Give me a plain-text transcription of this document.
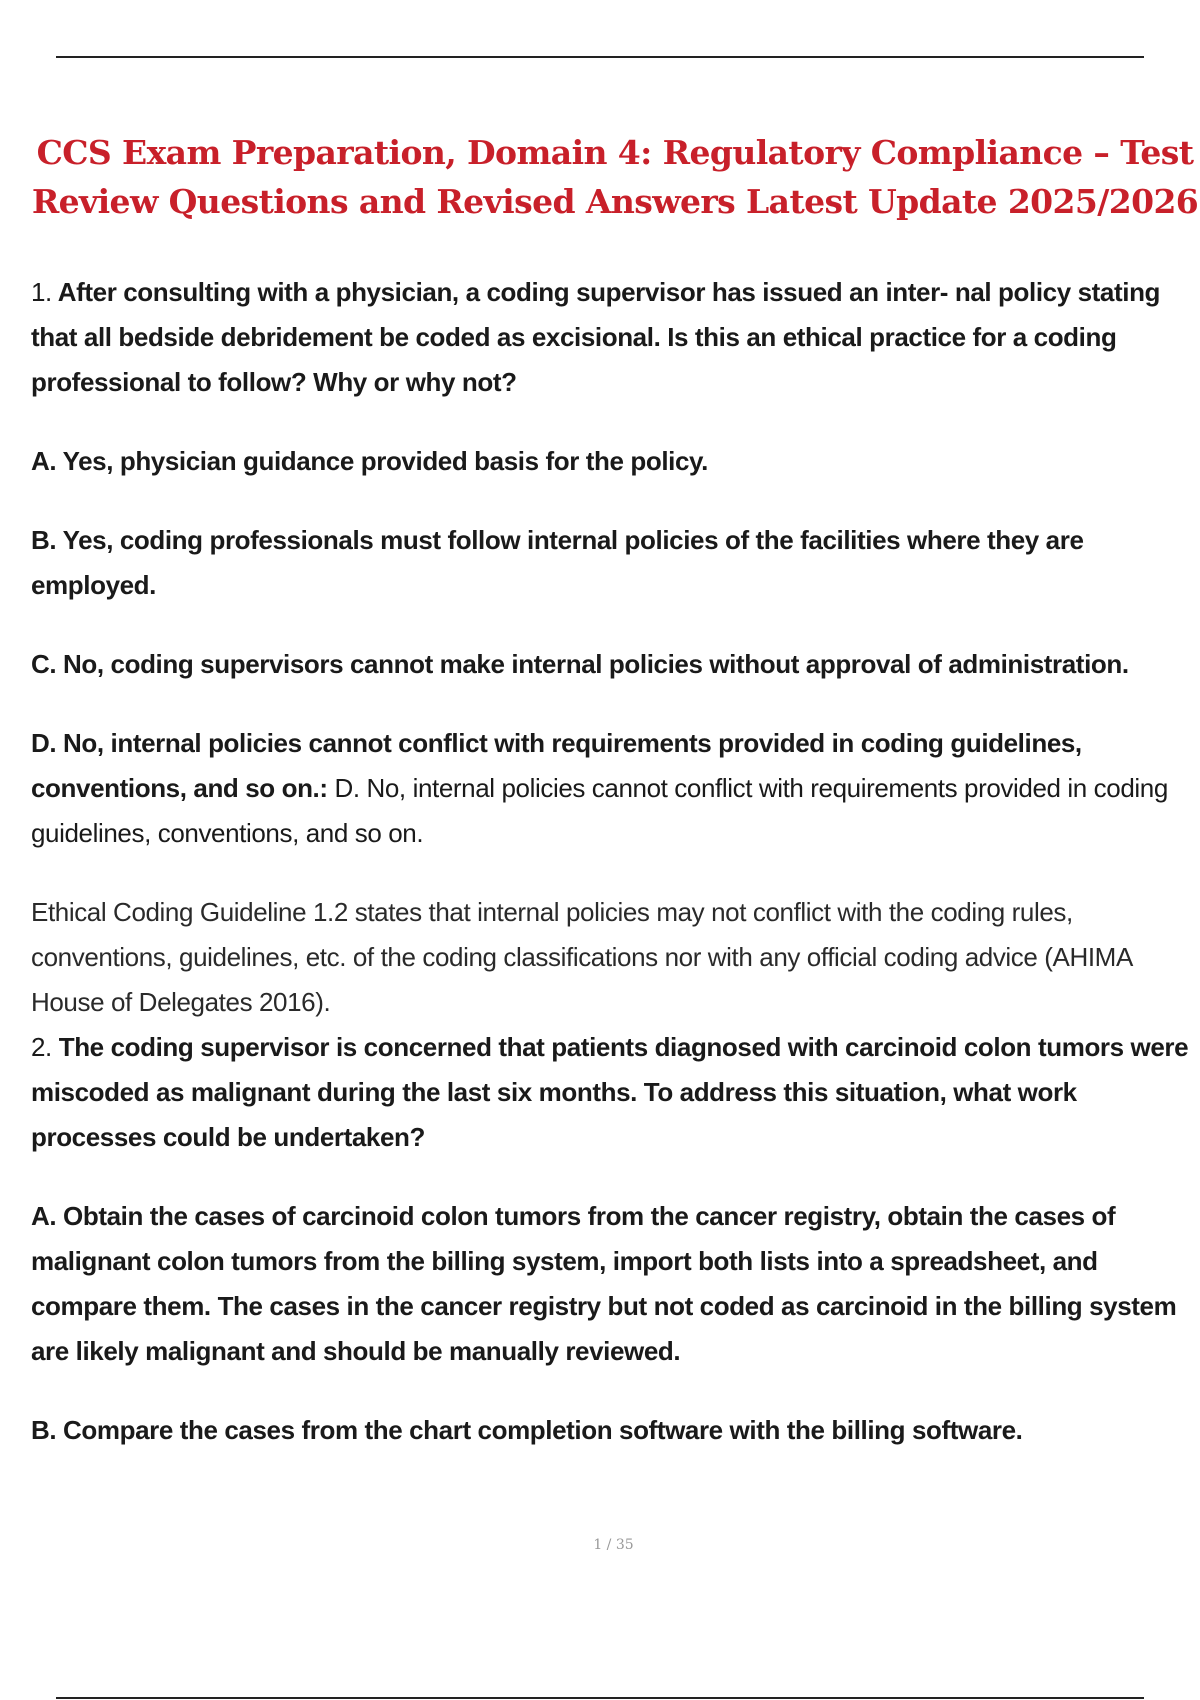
CCS Exam Preparation, Domain 4: Regulatory Compliance – Test Review Questions and Revised Answers Latest Update 2025/2026

1. After consulting with a physician, a coding supervisor has issued an inter- nal policy stating that all bedside debridement be coded as excisional. Is this an ethical practice for a coding professional to follow? Why or why not?

A. Yes, physician guidance provided basis for the policy.

B. Yes, coding professionals must follow internal policies of the facilities where they are employed.

C. No, coding supervisors cannot make internal policies without approval of administration.

D. No, internal policies cannot conflict with requirements provided in coding guidelines, conventions, and so on.: D. No, internal policies cannot conflict with requirements provided in coding guidelines, conventions, and so on.

Ethical Coding Guideline 1.2 states that internal policies may not conflict with the coding rules, conventions, guidelines, etc. of the coding classifications nor with any official coding advice (AHIMA House of Delegates 2016).

2. The coding supervisor is concerned that patients diagnosed with carcinoid colon tumors were miscoded as malignant during the last six months. To address this situation, what work processes could be undertaken?

A. Obtain the cases of carcinoid colon tumors from the cancer registry, obtain the cases of malignant colon tumors from the billing system, import both lists into a spreadsheet, and compare them. The cases in the cancer registry but not coded as carcinoid in the billing system are likely malignant and should be manually reviewed.

B. Compare the cases from the chart completion software with the billing software.

1 / 35
